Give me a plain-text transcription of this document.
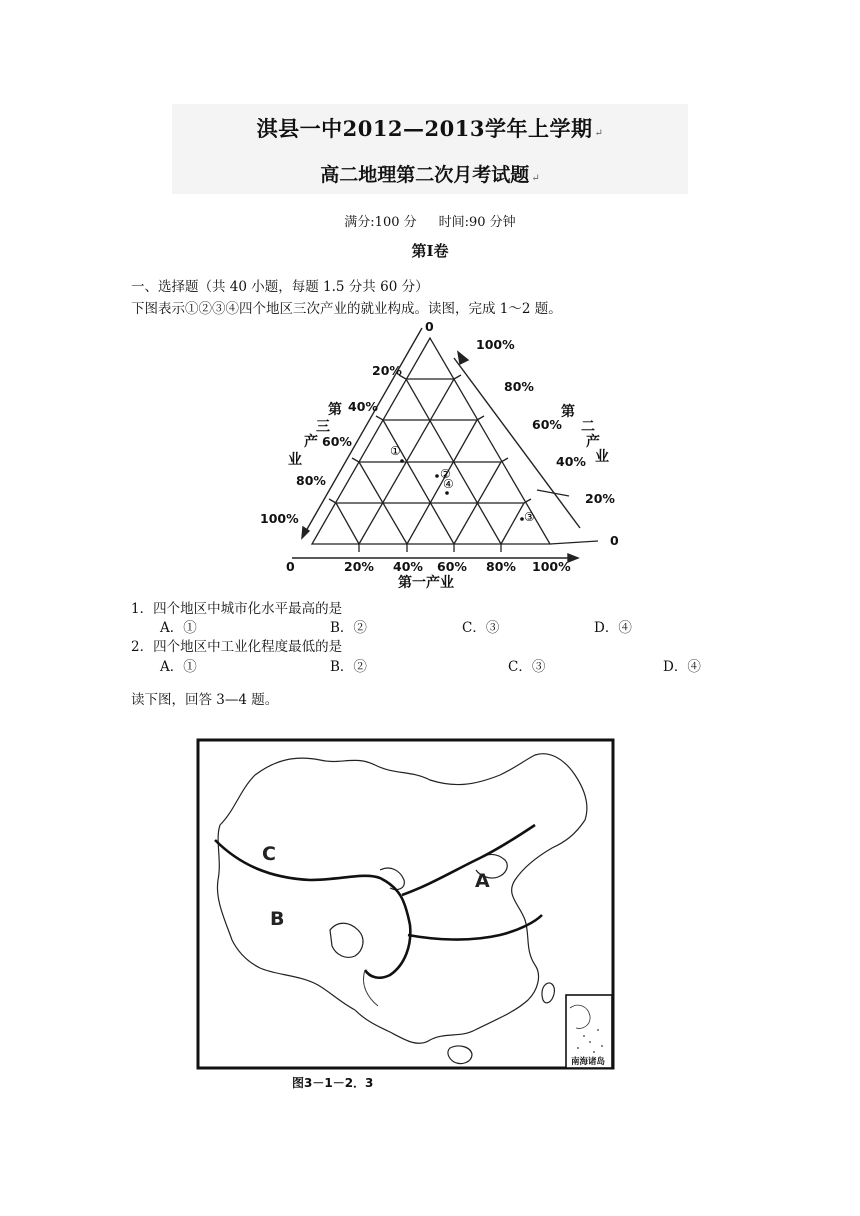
淇县一中2012—2013学年上学期 ↵
高二地理第二次月考试题 ↵
满分:100 分 时间:90 分钟
第Ⅰ卷
一、选择题（共 40 小题，每题 1.5 分共 60 分）
下图表示①②③④四个地区三次产业的就业构成。读图，完成 1～2 题。
0
20%
40%
60%
80%
100%
第
三
产
业
100%
80%
60%
40%
20%
0
第
二
产
业
0	20% 40% 60% 80% 100%
第一产业
①
②
④
③
1．四个地区中城市化水平最高的是
A．①	B．②	C．③	D．④
2．四个地区中工业化程度最低的是
A．①	B．②	C．③	D．④
读下图，回答 3—4 题。
南海诸岛
C
B
A
图3－1－2．3
